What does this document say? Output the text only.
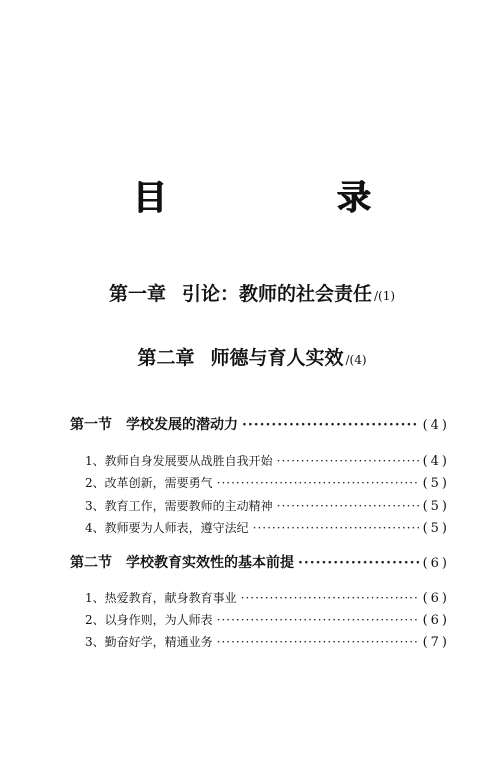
目　录
第一章 引论：教师的社会责任 /(1)
第二章 师德与育人实效 /(4)
第一节 学校发展的潜动力 ·····	(4)
1、教师自身发展要从战胜自我开始 ·····	(4)
2、改革创新，需要勇气 ·····	(5)
3、教育工作，需要教师的主动精神 ·····	(5)
4、教师要为人师表，遵守法纪 ·····	(5)
第二节 学校教育实效性的基本前提 ·····	(6)
1、热爱教育，献身教育事业 ·····	(6)
2、以身作则，为人师表 ·····	(6)
3、勤奋好学，精通业务 ·····	(7)
